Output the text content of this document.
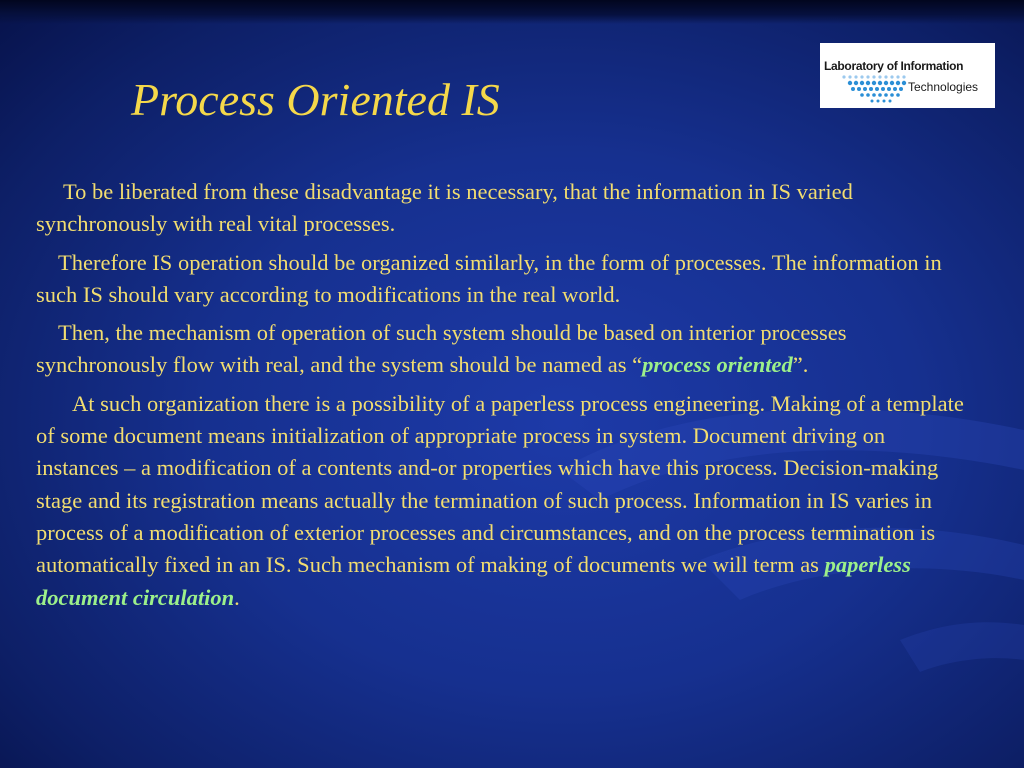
Process Oriented IS
Laboratory of Information
Technologies

To be liberated from these disadvantage it is necessary, that the information in IS varied synchronously with real vital processes.

Therefore IS operation should be organized similarly, in the form of processes. The information in such IS should vary according to modifications in the real world.

Then, the mechanism of operation of such system should be based on interior processes synchronously flow with real, and the system should be named as “process oriented”.

At such organization there is a possibility of a paperless process engineering. Making of a template of some document means initialization of appropriate process in system. Document driving on instances – a modification of a contents and-or properties which have this process. Decision-making stage and its registration means actually the termination of such process. Information in IS varies in process of a modification of exterior processes and circumstances, and on the process termination is automatically fixed in an IS. Such mechanism of making of documents we will term as paperless document circulation.
